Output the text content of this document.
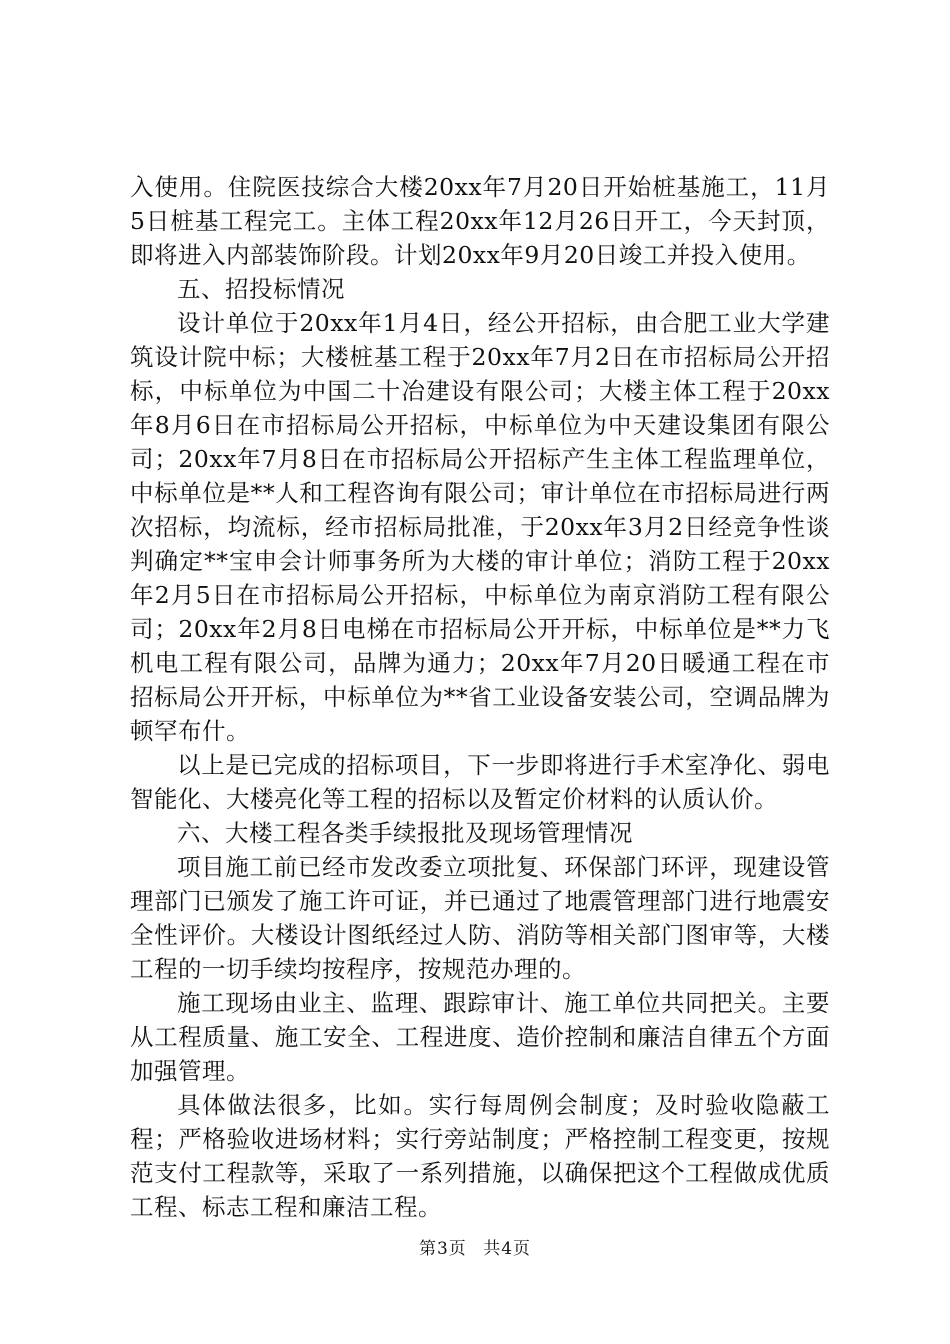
入使用。住院医技综合大楼20xx年7月20日开始桩基施工，11月5日桩基工程完工。主体工程20xx年12月26日开工，今天封顶，即将进入内部装饰阶段。计划20xx年9月20日竣工并投入使用。

五、招投标情况

设计单位于20xx年1月4日，经公开招标，由合肥工业大学建筑设计院中标；大楼桩基工程于20xx年7月2日在市招标局公开招标，中标单位为中国二十冶建设有限公司；大楼主体工程于20xx年8月6日在市招标局公开招标，中标单位为中天建设集团有限公司；20xx年7月8日在市招标局公开招标产生主体工程监理单位，中标单位是**人和工程咨询有限公司；审计单位在市招标局进行两次招标，均流标，经市招标局批准，于20xx年3月2日经竞争性谈判确定**宝申会计师事务所为大楼的审计单位；消防工程于20xx年2月5日在市招标局公开招标，中标单位为南京消防工程有限公司；20xx年2月8日电梯在市招标局公开开标，中标单位是**力飞机电工程有限公司，品牌为通力；20xx年7月20日暖通工程在市招标局公开开标，中标单位为**省工业设备安装公司，空调品牌为顿罕布什。

以上是已完成的招标项目，下一步即将进行手术室净化、弱电智能化、大楼亮化等工程的招标以及暂定价材料的认质认价。

六、大楼工程各类手续报批及现场管理情况

项目施工前已经市发改委立项批复、环保部门环评，现建设管理部门已颁发了施工许可证，并已通过了地震管理部门进行地震安全性评价。大楼设计图纸经过人防、消防等相关部门图审等，大楼工程的一切手续均按程序，按规范办理的。

施工现场由业主、监理、跟踪审计、施工单位共同把关。主要从工程质量、施工安全、工程进度、造价控制和廉洁自律五个方面加强管理。

具体做法很多，比如。实行每周例会制度；及时验收隐蔽工程；严格验收进场材料；实行旁站制度；严格控制工程变更，按规范支付工程款等，采取了一系列措施，以确保把这个工程做成优质工程、标志工程和廉洁工程。

第3页 共4页
